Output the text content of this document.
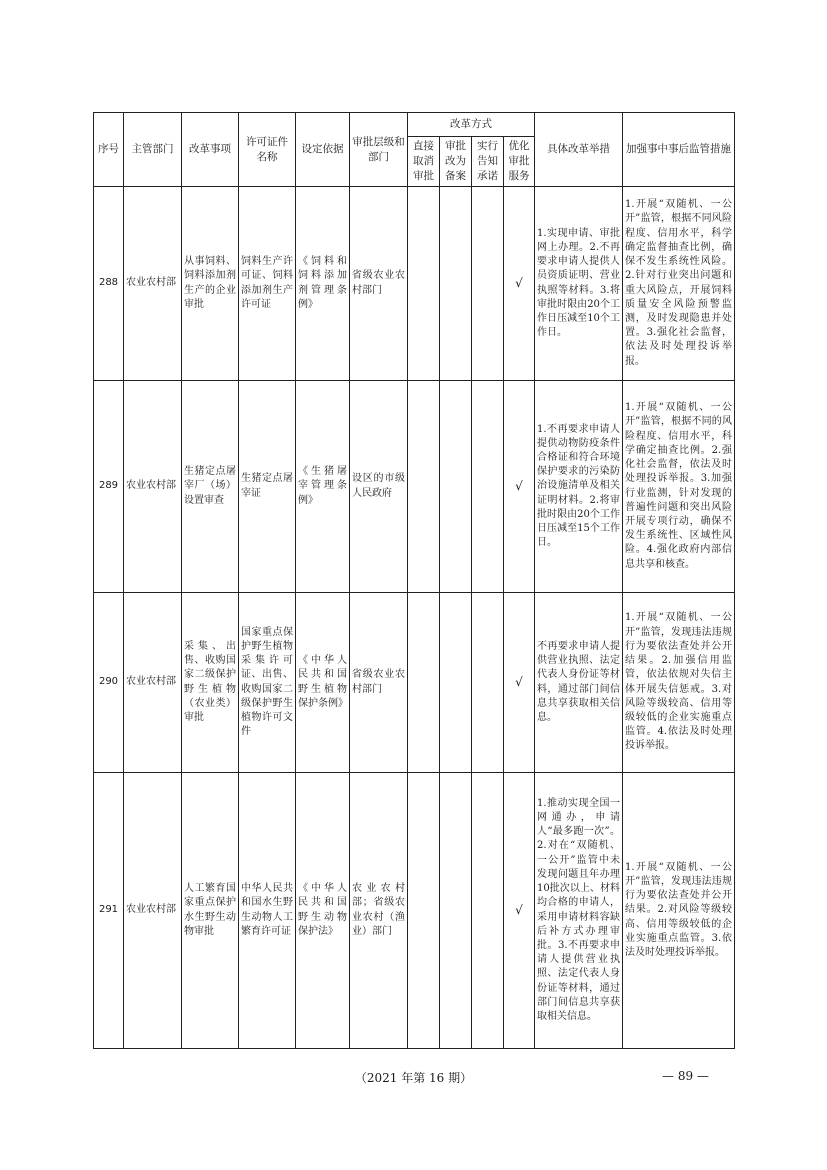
序号	主管部门	改革事项	许可证件名称	设定依据	审批层级和部门	改革方式				具体改革举措	加强事中事后监管措施
						直接取消审批	审批改为备案	实行告知承诺	优化审批服务		
288	农业农村部	从事饲料、饲料添加剂生产的企业审批	饲料生产许可证、饲料添加剂生产许可证	《饲料和饲料添加剂管理条例》	省级农业农村部门				√	1.实现申请、审批网上办理。2.不再要求申请人提供人员资质证明、营业执照等材料。3.将审批时限由20个工作日压减至10个工作日。	1.开展“双随机、一公开”监管，根据不同风险程度、信用水平，科学确定监督抽查比例，确保不发生系统性风险。2.针对行业突出问题和重大风险点，开展饲料质量安全风险预警监测，及时发现隐患并处置。3.强化社会监督，依法及时处理投诉举报。
289	农业农村部	生猪定点屠宰厂（场）设置审查	生猪定点屠宰证	《生猪屠宰管理条例》	设区的市级人民政府				√	1.不再要求申请人提供动物防疫条件合格证和符合环境保护要求的污染防治设施清单及相关证明材料。2.将审批时限由20个工作日压减至15个工作日。	1.开展“双随机、一公开”监管，根据不同的风险程度、信用水平，科学确定抽查比例。2.强化社会监督，依法及时处理投诉举报。3.加强行业监测，针对发现的普遍性问题和突出风险开展专项行动，确保不发生系统性、区域性风险。4.强化政府内部信息共享和核查。
290	农业农村部	采集、出售、收购国家二级保护野生植物（农业类）审批	国家重点保护野生植物采集许可证、出售、收购国家二级保护野生植物许可文件	《中华人民共和国野生植物保护条例》	省级农业农村部门				√	不再要求申请人提供营业执照、法定代表人身份证等材料，通过部门间信息共享获取相关信息。	1.开展“双随机、一公开”监管，发现违法违规行为要依法查处并公开结果。2.加强信用监管，依法依规对失信主体开展失信惩戒。3.对风险等级较高、信用等级较低的企业实施重点监管。4.依法及时处理投诉举报。
291	农业农村部	人工繁育国家重点保护水生野生动物审批	中华人民共和国水生野生动物人工繁育许可证	《中华人民共和国野生动物保护法》	农业农村部；省级农业农村（渔业）部门				√	1.推动实现全国一网通办，申请人“最多跑一次”。2.对在“双随机、一公开”监管中未发现问题且年办理10批次以上、材料均合格的申请人，采用申请材料容缺后补方式办理审批。3.不再要求申请人提供营业执照、法定代表人身份证等材料，通过部门间信息共享获取相关信息。	1.开展“双随机、一公开”监管，发现违法违规行为要依法查处并公开结果。2.对风险等级较高、信用等级较低的企业实施重点监管。3.依法及时处理投诉举报。
（2021 年第 16 期）	— 89 —
